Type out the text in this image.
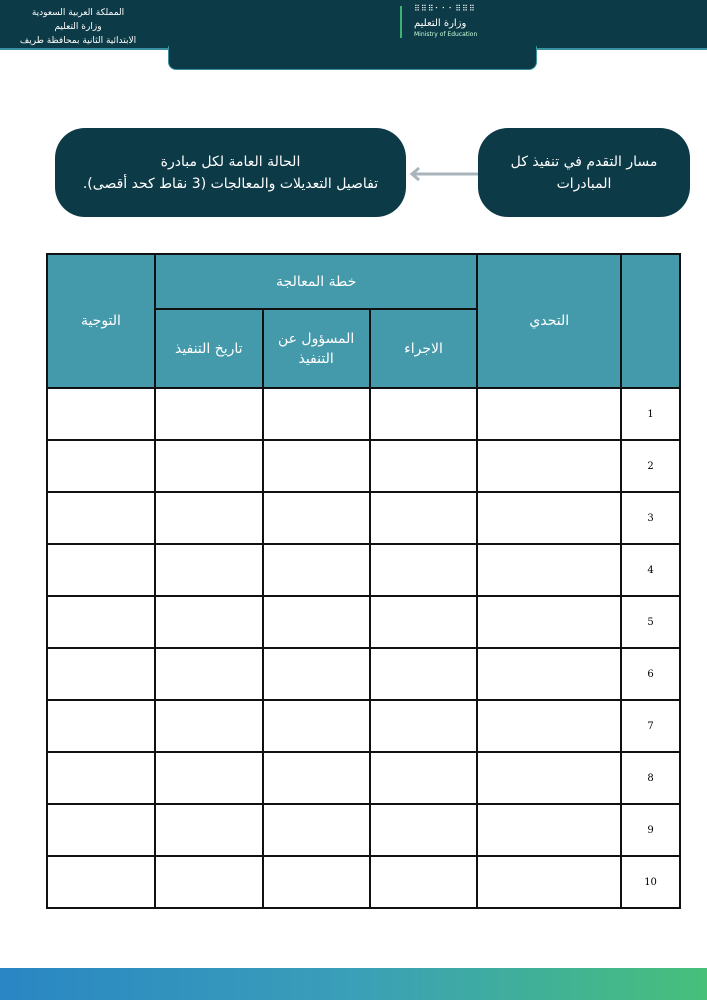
المملكة العربية السعودية
وزارة التعليم
الابتدائية الثانية بمحافظة طريف
⠿⠿⠿⠂⠂⠂⠿⠿⠿
وزارة التعليم
Ministry of Education
مسار التقدم في تنفيذ كل المبادرات
الحالة العامة لكل مبادرة
تفاصيل التعديلات والمعالجات (3 نقاط كحد أقصى).
	التحدي	خطة المعالجة			التوجية
		الاجراء	المسؤول عن التنفيذ	تاريخ التنفيذ	
1					
2					
3					
4					
5					
6					
7					
8					
9					
10					
